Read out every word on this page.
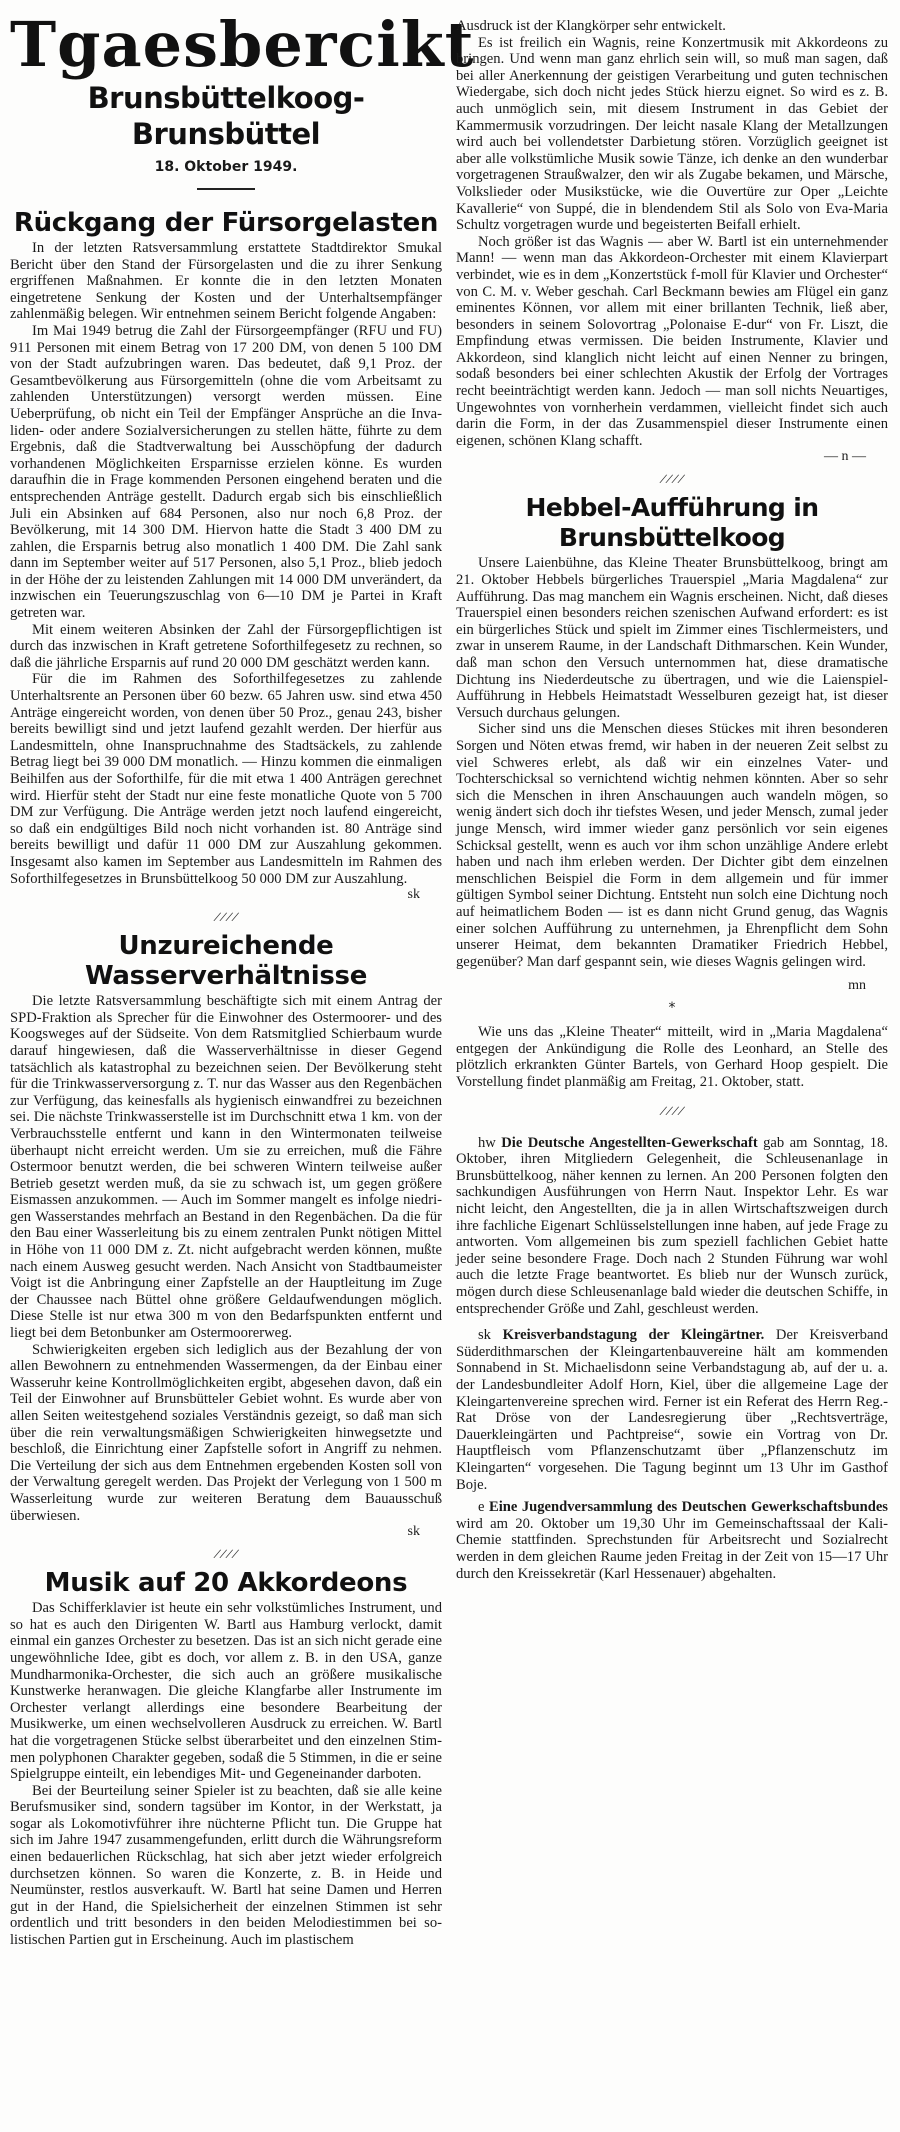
Tgaesbercikt
Brunsbüttelkoog-Brunsbüttel
18. Oktober 1949.
Rückgang der Fürsorgelasten

In der letzten Ratsversammlung erstattete Stadtdirektor Smukal Bericht über den Stand der Fürsorgelasten und die zu ihrer Senkung ergriffenen Maßnahmen. Er konnte die in den letzten Monaten eingetretene Senkung der Kosten und der Unterhaltsempfänger zahlenmäßig belegen. Wir entnehmen seinem Bericht folgende Angaben:

Im Mai 1949 betrug die Zahl der Fürsorgeempfänger (RFU und FU) 911 Personen mit einem Betrag von 17 200 DM, von denen 5 100 DM von der Stadt aufzubringen waren. Das bedeutet, daß 9,1 Proz. der Gesamtbevölkerung aus Fürsorgemitteln (ohne die vom Arbeitsamt zu zahlenden Unterstützungen) versorgt werden müssen. Eine Ueberprüfung, ob nicht ein Teil der Empfänger Ansprüche an die Invaliden- oder andere Sozialversicherungen zu stellen hätte, führte zu dem Ergebnis, daß die Stadtverwaltung bei Ausschöpfung der dadurch vorhandenen Möglichkeiten Ersparnisse erzielen könne. Es wurden daraufhin die in Frage kommenden Personen eingehend beraten und die entsprechenden Anträge gestellt. Dadurch ergab sich bis einschließlich Juli ein Absinken auf 684 Personen, also nur noch 6,8 Proz. der Bevölkerung, mit 14 300 DM. Hiervon hatte die Stadt 3 400 DM zu zahlen, die Ersparnis betrug also monatlich 1 400 DM. Die Zahl sank dann im September weiter auf 517 Personen, also 5,1 Proz., blieb jedoch in der Höhe der zu leistenden Zahlungen mit 14 000 DM unverändert, da inzwischen ein Teuerungszuschlag von 6—10 DM je Partei in Kraft getreten war.

Mit einem weiteren Absinken der Zahl der Fürsorgepflichtigen ist durch das inzwischen in Kraft getretene Soforthilfegesetz zu rechnen, so daß die jährliche Ersparnis auf rund 20 000 DM geschätzt werden kann.

Für die im Rahmen des Soforthilfegesetzes zu zahlende Unterhaltsrente an Personen über 60 bezw. 65 Jahren usw. sind etwa 450 Anträge eingereicht worden, von denen über 50 Proz., genau 243, bisher bereits bewilligt sind und jetzt laufend gezahlt werden. Der hierfür aus Landesmitteln, ohne Inanspruchnahme des Stadtsäckels, zu zahlende Betrag liegt bei 39 000 DM monatlich. — Hinzu kommen die einmaligen Beihilfen aus der Soforthilfe, für die mit etwa 1 400 Anträgen gerechnet wird. Hierfür steht der Stadt nur eine feste monatliche Quote von 5 700 DM zur Verfügung. Die Anträge werden jetzt noch laufend eingereicht, so daß ein endgültiges Bild noch nicht vorhanden ist. 80 Anträge sind bereits bewilligt und dafür 11 000 DM zur Auszahlung gekommen. Insgesamt also kamen im September aus Landesmitteln im Rahmen des Soforthilfegesetzes in Brunsbüttelkoog 50 000 DM zur Auszahlung.

sk
////
Unzureichende Wasserverhältnisse

Die letzte Ratsversammlung beschäftigte sich mit einem Antrag der SPD-Fraktion als Sprecher für die Einwohner des Ostermoorer- und des Koogsweges auf der Südseite. Von dem Ratsmitglied Schierbaum wurde darauf hingewiesen, daß die Wasserverhältnisse in dieser Gegend tatsächlich als katastrophal zu bezeichnen seien. Der Bevölkerung steht für die Trinkwasserversorgung z. T. nur das Wasser aus den Regenbächen zur Verfügung, das keinesfalls als hygienisch einwandfrei zu bezeichnen sei. Die nächste Trinkwasserstelle ist im Durchschnitt etwa 1 km. von der Verbrauchsstelle entfernt und kann in den Wintermonaten teilweise überhaupt nicht erreicht werden. Um sie zu erreichen, muß die Fähre Ostermoor benutzt werden, die bei schweren Wintern teilweise außer Betrieb gesetzt werden muß, da sie zu schwach ist, um gegen größere Eismassen anzukommen. — Auch im Sommer mangelt es infolge niedrigen Wasserstandes mehrfach an Bestand in den Regenbächen. Da die für den Bau einer Wasserleitung bis zu einem zentralen Punkt nötigen Mittel in Höhe von 11 000 DM z. Zt. nicht aufgebracht werden können, mußte nach einem Ausweg gesucht werden. Nach Ansicht von Stadtbaumeister Voigt ist die Anbringung einer Zapfstelle an der Hauptleitung im Zuge der Chaussee nach Büttel ohne größere Geldaufwendungen möglich. Diese Stelle ist nur etwa 300 m von den Bedarfspunkten entfernt und liegt bei dem Betonbunker am Ostermoorerweg.

Schwierigkeiten ergeben sich lediglich aus der Bezahlung der von allen Bewohnern zu entnehmenden Wassermengen, da der Einbau einer Wasseruhr keine Kontrollmöglichkeiten ergibt, abgesehen davon, daß ein Teil der Einwohner auf Brunsbütteler Gebiet wohnt. Es wurde aber von allen Seiten weitestgehend soziales Verständnis gezeigt, so daß man sich über die rein verwaltungsmäßigen Schwierigkeiten hinwegsetzte und beschloß, die Einrichtung einer Zapfstelle sofort in Angriff zu nehmen. Die Verteilung der sich aus dem Entnehmen ergebenden Kosten soll von der Verwaltung geregelt werden. Das Projekt der Verlegung von 1 500 m Wasserleitung wurde zur weiteren Beratung dem Bauausschuß überwiesen.

sk
////
Musik auf 20 Akkordeons

Das Schifferklavier ist heute ein sehr volkstümliches Instrument, und so hat es auch den Dirigenten W. Bartl aus Hamburg verlockt, damit einmal ein ganzes Orchester zu besetzen. Das ist an sich nicht gerade eine ungewöhnliche Idee, gibt es doch, vor allem z. B. in den USA, ganze Mundharmonika-Orchester, die sich auch an größere musikalische Kunstwerke heranwagen. Die gleiche Klangfarbe aller Instrumente im Orchester verlangt allerdings eine besondere Bearbeitung der Musikwerke, um einen wechselvolleren Ausdruck zu erreichen. W. Bartl hat die vorgetragenen Stücke selbst überarbeitet und den einzelnen Stimmen polyphonen Charakter gegeben, sodaß die 5 Stimmen, in die er seine Spielgruppe einteilt, ein lebendiges Mit- und Gegeneinander darboten.

Bei der Beurteilung seiner Spieler ist zu beachten, daß sie alle keine Berufsmusiker sind, sondern tagsüber im Kontor, in der Werkstatt, ja sogar als Lokomotivführer ihre nüchterne Pflicht tun. Die Gruppe hat sich im Jahre 1947 zusammengefunden, erlitt durch die Währungsreform einen bedauerlichen Rückschlag, hat sich aber jetzt wieder erfolgreich durchsetzen können. So waren die Konzerte, z. B. in Heide und Neumünster, restlos ausverkauft. W. Bartl hat seine Damen und Herren gut in der Hand, die Spielsicherheit der einzelnen Stimmen ist sehr ordentlich und tritt besonders in den beiden Melodiestimmen bei solistischen Partien gut in Erscheinung. Auch im plastischem

Ausdruck ist der Klangkörper sehr entwickelt.

Es ist freilich ein Wagnis, reine Konzertmusik mit Akkordeons zu bringen. Und wenn man ganz ehrlich sein will, so muß man sagen, daß bei aller Anerkennung der geistigen Verarbeitung und guten technischen Wiedergabe, sich doch nicht jedes Stück hierzu eignet. So wird es z. B. auch unmöglich sein, mit diesem Instrument in das Gebiet der Kammermusik vorzudringen. Der leicht nasale Klang der Metallzungen wird auch bei vollendetster Darbietung stören. Vorzüglich geeignet ist aber alle volkstümliche Musik sowie Tänze, ich denke an den wunderbar vorgetragenen Straußwalzer, den wir als Zugabe bekamen, und Märsche, Volkslieder oder Musikstücke, wie die Ouvertüre zur Oper „Leichte Kavallerie“ von Suppé, die in blendendem Stil als Solo von Eva-Maria Schultz vorgetragen wurde und begeisterten Beifall erhielt.

Noch größer ist das Wagnis — aber W. Bartl ist ein unternehmender Mann! — wenn man das Akkordeon-Orchester mit einem Klavierpart verbindet, wie es in dem „Konzertstück f-moll für Klavier und Orchester“ von C. M. v. Weber geschah. Carl Beckmann bewies am Flügel ein ganz eminentes Können, vor allem mit einer brillanten Technik, ließ aber, besonders in seinem Solovortrag „Polonaise E-dur“ von Fr. Liszt, die Empfindung etwas vermissen. Die beiden Instrumente, Klavier und Akkordeon, sind klanglich nicht leicht auf einen Nenner zu bringen, sodaß besonders bei einer schlechten Akustik der Erfolg der Vortrages recht beeinträchtigt werden kann. Jedoch — man soll nichts Neuartiges, Ungewohntes von vornherhein verdammen, vielleicht findet sich auch darin die Form, in der das Zusammenspiel dieser Instrumente einen eigenen, schönen Klang schafft.

— n —
////
Hebbel-Aufführung in Brunsbüttelkoog

Unsere Laienbühne, das Kleine Theater Brunsbüttelkoog, bringt am 21. Oktober Hebbels bürgerliches Trauerspiel „Maria Magdalena“ zur Aufführung. Das mag manchem ein Wagnis erscheinen. Nicht, daß dieses Trauerspiel einen besonders reichen szenischen Aufwand erfordert: es ist ein bürgerliches Stück und spielt im Zimmer eines Tischlermeisters, und zwar in unserem Raume, in der Landschaft Dithmarschen. Kein Wunder, daß man schon den Versuch unternommen hat, diese dramatische Dichtung ins Niederdeutsche zu übertragen, und wie die Laienspiel-Aufführung in Hebbels Heimatstadt Wesselburen gezeigt hat, ist dieser Versuch durchaus gelungen.

Sicher sind uns die Menschen dieses Stückes mit ihren besonderen Sorgen und Nöten etwas fremd, wir haben in der neueren Zeit selbst zu viel Schweres erlebt, als daß wir ein einzelnes Vater- und Tochterschicksal so vernichtend wichtig nehmen könnten. Aber so sehr sich die Menschen in ihren Anschauungen auch wandeln mögen, so wenig ändert sich doch ihr tiefstes Wesen, und jeder Mensch, zumal jeder junge Mensch, wird immer wieder ganz persönlich vor sein eigenes Schicksal gestellt, wenn es auch vor ihm schon unzählige Andere erlebt haben und nach ihm erleben werden. Der Dichter gibt dem einzelnen menschlichen Beispiel die Form in dem allgemein und für immer gültigen Symbol seiner Dichtung. Entsteht nun solch eine Dichtung noch auf heimatlichem Boden — ist es dann nicht Grund genug, das Wagnis einer solchen Aufführung zu unternehmen, ja Ehrenpflicht dem Sohn unserer Heimat, dem bekannten Dramatiker Friedrich Hebbel, gegenüber? Man darf gespannt sein, wie dieses Wagnis gelingen wird.

mn
*

Wie uns das „Kleine Theater“ mitteilt, wird in „Maria Magdalena“ entgegen der Ankündigung die Rolle des Leonhard, an Stelle des plötzlich erkrankten Günter Bartels, von Gerhard Hoop gespielt. Die Vorstellung findet planmäßig am Freitag, 21. Oktober, statt.

////

hw Die Deutsche Angestellten-Gewerkschaft gab am Sonntag, 18. Oktober, ihren Mitgliedern Gelegenheit, die Schleusenanlage in Brunsbüttelkoog, näher kennen zu lernen. An 200 Personen folgten den sachkundigen Ausführungen von Herrn Naut. Inspektor Lehr. Es war nicht leicht, den Angestellten, die ja in allen Wirtschaftszweigen durch ihre fachliche Eigenart Schlüsselstellungen inne haben, auf jede Frage zu antworten. Vom allgemeinen bis zum speziell fachlichen Gebiet hatte jeder seine besondere Frage. Doch nach 2 Stunden Führung war wohl auch die letzte Frage beantwortet. Es blieb nur der Wunsch zurück, mögen durch diese Schleusenanlage bald wieder die deutschen Schiffe, in entsprechender Größe und Zahl, geschleust werden.

sk Kreisverbandstagung der Kleingärtner. Der Kreisverband Süderdithmarschen der Kleingartenbauvereine hält am kommenden Sonnabend in St. Michaelisdonn seine Verbandstagung ab, auf der u. a. der Landesbundleiter Adolf Horn, Kiel, über die allgemeine Lage der Kleingartenvereine sprechen wird. Ferner ist ein Referat des Herrn Reg.-Rat Dröse von der Landesregierung über „Rechtsverträge, Dauerkleingärten und Pachtpreise“, sowie ein Vortrag von Dr. Hauptfleisch vom Pflanzenschutzamt über „Pflanzenschutz im Kleingarten“ vorgesehen. Die Tagung beginnt um 13 Uhr im Gasthof Boje.

e Eine Jugendversammlung des Deutschen Gewerkschaftsbundes wird am 20. Oktober um 19,30 Uhr im Gemeinschaftssaal der Kali-Chemie stattfinden. Sprechstunden für Arbeitsrecht und Sozialrecht werden in dem gleichen Raume jeden Freitag in der Zeit von 15—17 Uhr durch den Kreissekretär (Karl Hessenauer) abgehalten.
